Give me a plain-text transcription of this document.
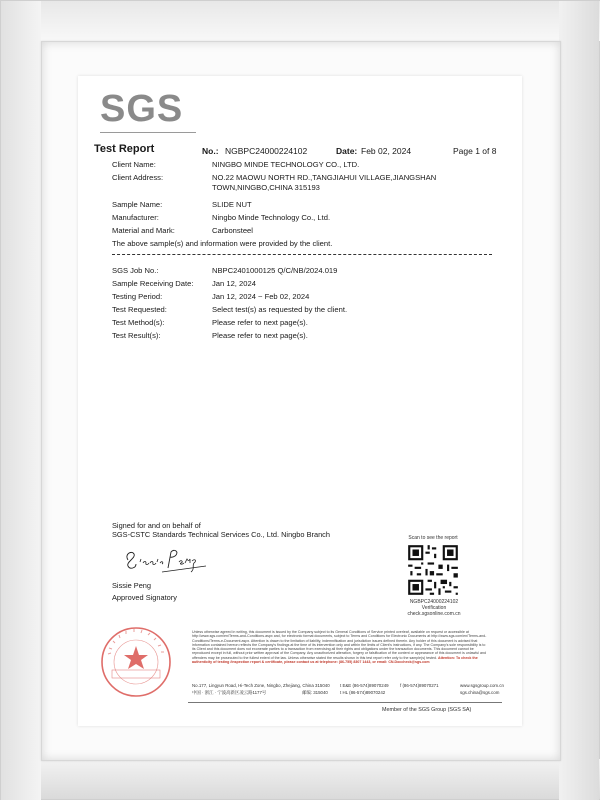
SGS
Test Report	No.: NGBPC24000224102	Date: Feb 02, 2024	Page 1 of 8
Client Name:	NINGBO MINDE TECHNOLOGY CO., LTD.
Client Address:	NO.22 MAOWU NORTH RD.,TANGJIAHUI VILLAGE,JIANGSHAN TOWN,NINGBO,CHINA 315193
Sample Name:	SLIDE NUT
Manufacturer:	Ningbo Minde Technology Co., Ltd.
Material and Mark:	Carbonsteel
The above sample(s) and information were provided by the client.
SGS Job No.:	NBPC2401000125 Q/C/NB/2024.019
Sample Receiving Date: Jan 12, 2024
Testing Period:	Jan 12, 2024 ~ Feb 02, 2024
Test Requested:	Select test(s) as requested by the client.
Test Method(s):	Please refer to next page(s).
Test Result(s):	Please refer to next page(s).
Signed for and on behalf of
SGS-CSTC Standards Technical Services Co., Ltd. Ningbo Branch
Sissie Peng
Approved Signatory
Scan to see the report
NGBPC24000224102
Verification
check.sgsonline.com.cn
Unless otherwise agreed in writing, this document is issued by the Company subject to its General Conditions of Service printed overleaf, available on request or accessible at http://www.sgs.com/en/Terms-and-Conditions.aspx and, for electronic format documents, subject to Terms and Conditions for Electronic Documents at http://www.sgs.com/en/Terms-and-Conditions/Terms-e-Document.aspx. Attention is drawn to the limitation of liability, indemnification and jurisdiction issues defined therein. Any holder of this document is advised that information contained hereon reflects the Company's findings at the time of its intervention only and within the limits of Client's instructions, if any. The Company's sole responsibility is to its Client and this document does not exonerate parties to a transaction from exercising all their rights and obligations under the transaction documents. This document cannot be reproduced except in full, without prior written approval of the Company. Any unauthorized alteration, forgery or falsification of the content or appearance of this document is unlawful and offenders may be prosecuted to the fullest extent of the law. Unless otherwise stated the results shown in this test report refer only to the sample(s) tested. Attention: To check the authenticity of testing /inspection report & certificate, please contact us at telephone: (86-755) 8307 1443, or email: CN.Doccheck@sgs.com
No.177, Lingyun Road, Hi-Tech Zone, Ningbo, Zhejiang, China 315040 t E&E (86-574)89070249	f (86-574)89070271	www.sgsgroup.com.cn
中国 · 浙江 · 宁波高新区凌云路1177号	邮编: 315040	t HL (86-574)89070242	sgs.china@sgs.com
Member of the SGS Group (SGS SA)
